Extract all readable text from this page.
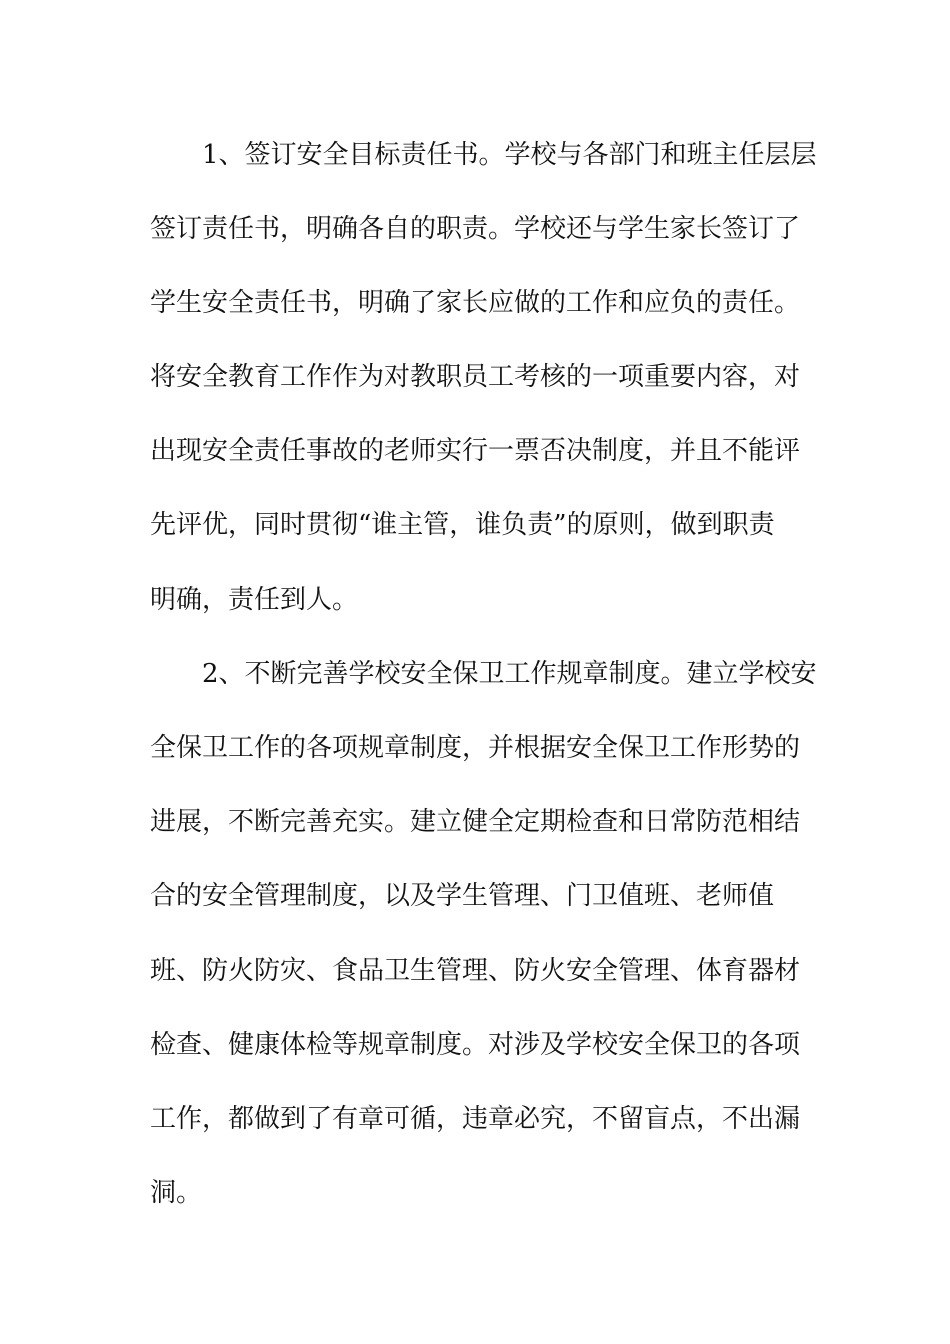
1、签订安全目标责任书。学校与各部门和班主任层层

签订责任书，明确各自的职责。学校还与学生家长签订了

学生安全责任书，明确了家长应做的工作和应负的责任。

将安全教育工作作为对教职员工考核的一项重要内容，对

出现安全责任事故的老师实行一票否决制度，并且不能评

先评优，同时贯彻“谁主管，谁负责”的原则，做到职责

明确，责任到人。

2、不断完善学校安全保卫工作规章制度。建立学校安

全保卫工作的各项规章制度，并根据安全保卫工作形势的

进展，不断完善充实。建立健全定期检查和日常防范相结

合的安全管理制度，以及学生管理、门卫值班、老师值

班、防火防灾、食品卫生管理、防火安全管理、体育器材

检查、健康体检等规章制度。对涉及学校安全保卫的各项

工作，都做到了有章可循，违章必究，不留盲点，不出漏

洞。
